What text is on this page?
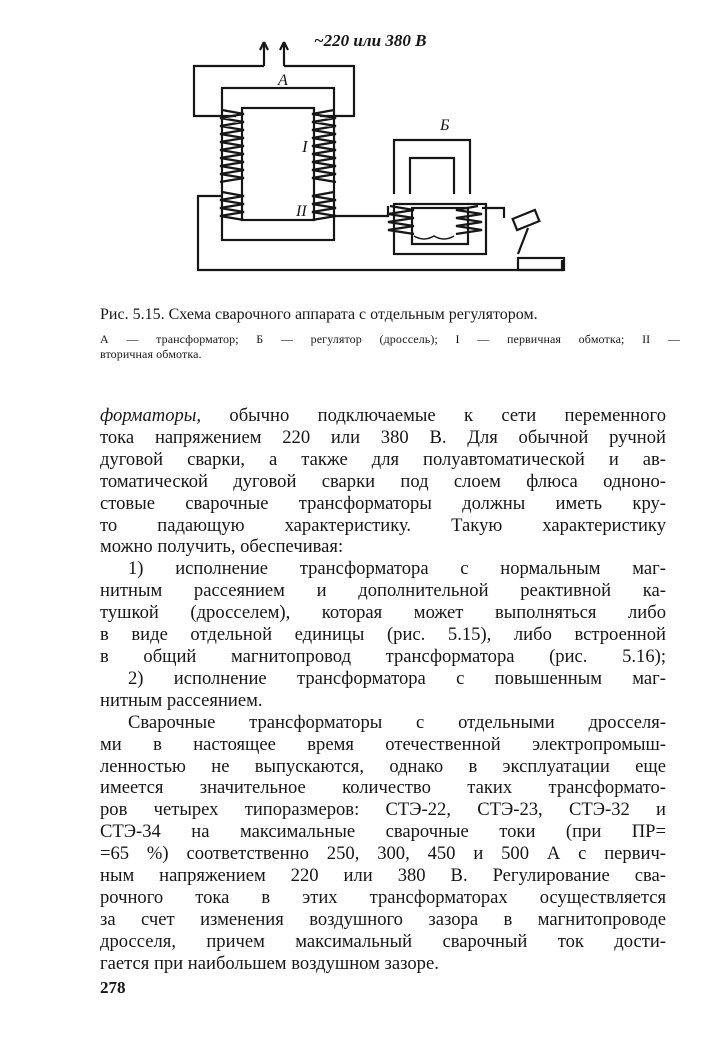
~220 или 380 В
А
Б
I
II
Рис. 5.15. Схема сварочного аппарата с отдельным регулятором.
А — трансформатор; Б — регулятор (дроссель); I — первичная обмотка; II —
вторичная обмотка.
форматоры, обычно подключаемые к сети переменного
тока напряжением 220 или 380 В. Для обычной ручной
дуговой сварки, а также для полуавтоматической и ав-
томатической дуговой сварки под слоем флюса одноно-
стовые сварочные трансформаторы должны иметь кру-
то падающую характеристику. Такую характеристику
можно получить, обеспечивая:
1) исполнение трансформатора с нормальным маг-
нитным рассеянием и дополнительной реактивной ка-
тушкой (дросселем), которая может выполняться либо
в виде отдельной единицы (рис. 5.15), либо встроенной
в общий магнитопровод трансформатора (рис. 5.16);
2) исполнение трансформатора с повышенным маг-
нитным рассеянием.
Сварочные трансформаторы с отдельными дросселя-
ми в настоящее время отечественной электропромыш-
ленностью не выпускаются, однако в эксплуатации еще
имеется значительное количество таких трансформато-
ров четырех типоразмеров: СТЭ-22, СТЭ-23, СТЭ-32 и
СТЭ-34 на максимальные сварочные токи (при ПР=
=65 %) соответственно 250, 300, 450 и 500 А с первич-
ным напряжением 220 или 380 В. Регулирование сва-
рочного тока в этих трансформаторах осуществляется
за счет изменения воздушного зазора в магнитопроводе
дросселя, причем максимальный сварочный ток дости-
гается при наибольшем воздушном зазоре.
278
